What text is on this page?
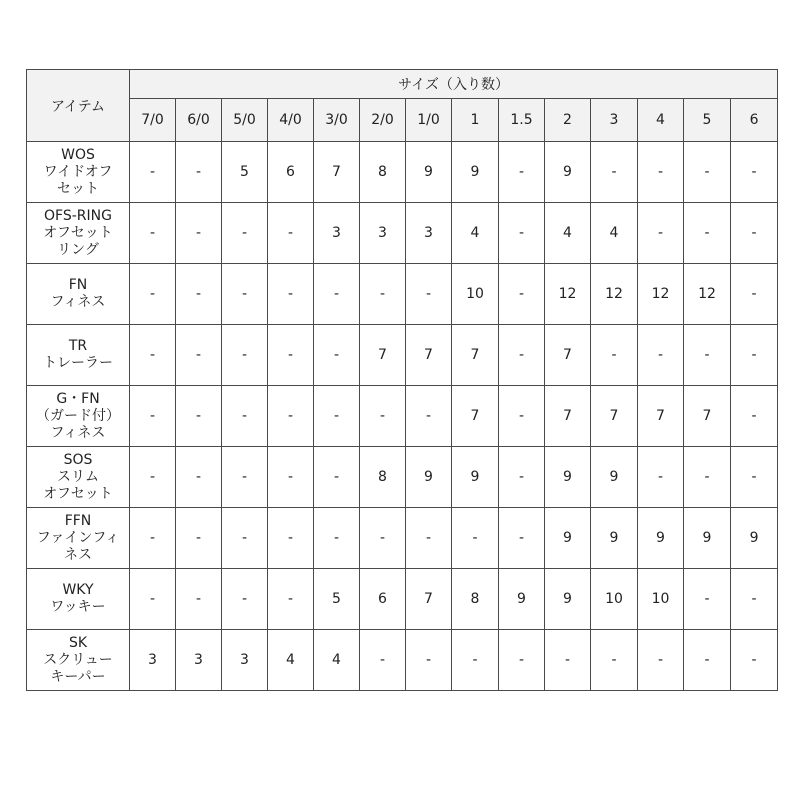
アイテム	サイズ（入り数）													
	7/0	6/0	5/0	4/0	3/0	2/0	1/0	1	1.5	2	3	4	5	6

WOS
ワイドオフ
セット	-	-	5	6	7	8	9	9	-	9	-	-	-	-

OFS-RING
オフセット
リング	-	-	-	-	3	3	3	4	-	4	4	-	-	-

FN
フィネス	-	-	-	-	-	-	-	10	-	12	12	12	12	-

TR
トレーラー	-	-	-	-	-	7	7	7	-	7	-	-	-	-

G・FN
（ガード付）
フィネス	-	-	-	-	-	-	-	7	-	7	7	7	7	-

SOS
スリム
オフセット	-	-	-	-	-	8	9	9	-	9	9	-	-	-

FFN
ファインフィ
ネス	-	-	-	-	-	-	-	-	-	9	9	9	9	9

WKY
ワッキー	-	-	-	-	5	6	7	8	9	9	10	10	-	-

SK
スクリュー
キーパー	3	3	3	4	4	-	-	-	-	-	-	-	-	-
